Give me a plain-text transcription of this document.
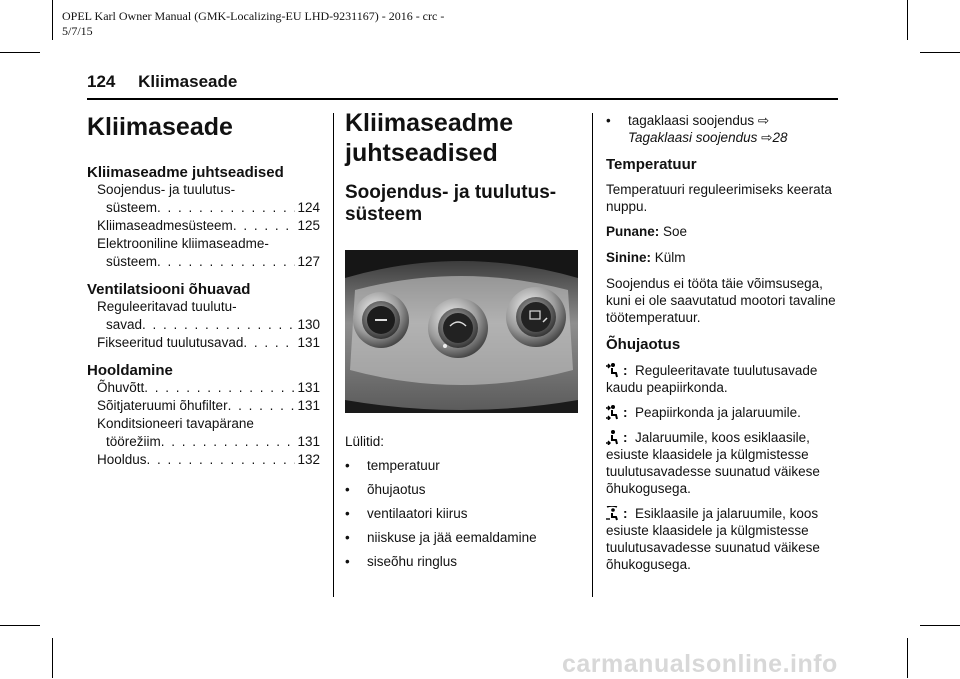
OPEL Karl Owner Manual (GMK-Localizing-EU LHD-9231167) - 2016 - crc -
5/7/15
124 Kliimaseade
Kliimaseade
Kliimaseadme juhtseadised
Soojendus- ja tuulutus-
süsteem . . .	124
Kliimaseadmesüsteem . . .	125
Elektrooniline kliimaseadme-
süsteem . . .	127
Ventilatsiooni õhuavad
Reguleeritavad tuulutu-
savad . . .	130
Fikseeritud tuulutusavad . . .	131
Hooldamine
Õhuvõtt . . .	131
Sõitjateruumi õhufilter . . .	131
Konditsioneeri tavapärane
töörežiim . . .	131
Hooldus . . .	132
Kliimaseadme
juhtseadised
Soojendus- ja tuulutus-
süsteem

Lülitid:

•	temperatuur
•	õhujaotus
•	ventilaatori kiirus
•	niiskuse ja jää eemaldamine
•	siseõhu ringlus
•	tagaklaasi soojendus ⇨
Tagaklaasi soojendus ⇨28
Temperatuur

Temperatuuri reguleerimiseks keerata nuppu.

Punane: Soe

Sinine: Külm

Soojendus ei tööta täie võimsusega, kuni ei ole saavutatud mootori tavaline töötemperatuur.

Õhujaotus

: Reguleeritavate tuulutusavade kaudu peapiirkonda.

: Peapiirkonda ja jalaruumile.

: Jalaruumile, koos esiklaasile, esiuste klaasidele ja külgmistesse tuulutusavadesse suunatud väikese õhukogusega.

: Esiklaasile ja jalaruumile, koos esiuste klaasidele ja külgmistesse tuulutusavadesse suunatud väikese õhukogusega.

carmanualsonline.info
